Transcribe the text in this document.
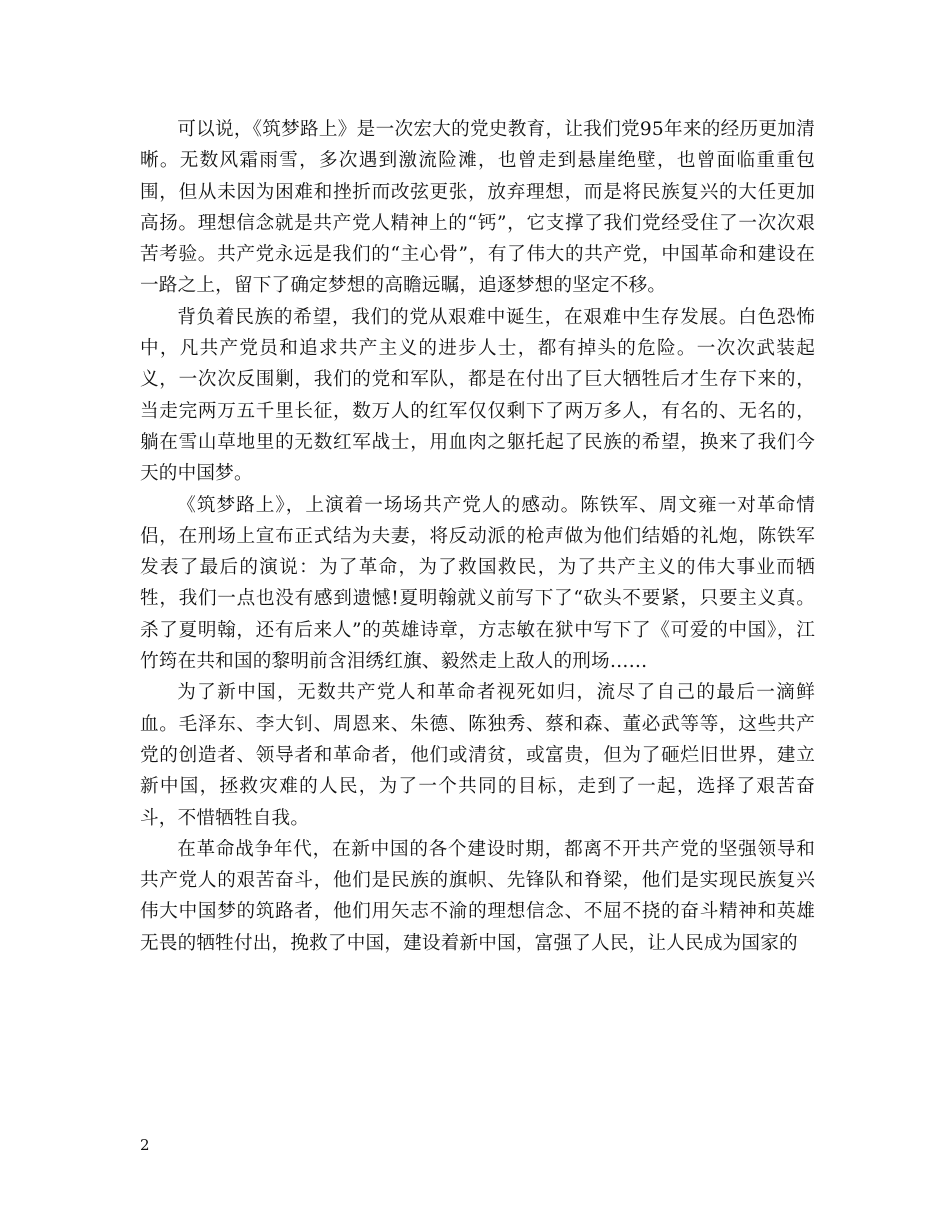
可以说，《筑梦路上》是一次宏大的党史教育，让我们党95年来的经历更加清晰。无数风霜雨雪，多次遇到激流险滩，也曾走到悬崖绝壁，也曾面临重重包围，但从未因为困难和挫折而改弦更张，放弃理想，而是将民族复兴的大任更加高扬。理想信念就是共产党人精神上的“钙”，它支撑了我们党经受住了一次次艰苦考验。共产党永远是我们的“主心骨”，有了伟大的共产党，中国革命和建设在一路之上，留下了确定梦想的高瞻远瞩，追逐梦想的坚定不移。

背负着民族的希望，我们的党从艰难中诞生，在艰难中生存发展。白色恐怖中，凡共产党员和追求共产主义的进步人士，都有掉头的危险。一次次武装起义，一次次反围剿，我们的党和军队，都是在付出了巨大牺牲后才生存下来的，当走完两万五千里长征，数万人的红军仅仅剩下了两万多人，有名的、无名的，躺在雪山草地里的无数红军战士，用血肉之躯托起了民族的希望，换来了我们今天的中国梦。

《筑梦路上》，上演着一场场共产党人的感动。陈铁军、周文雍一对革命情侣，在刑场上宣布正式结为夫妻，将反动派的枪声做为他们结婚的礼炮，陈铁军发表了最后的演说：为了革命，为了救国救民，为了共产主义的伟大事业而牺牲，我们一点也没有感到遗憾!夏明翰就义前写下了“砍头不要紧，只要主义真。杀了夏明翰，还有后来人”的英雄诗章，方志敏在狱中写下了《可爱的中国》，江竹筠在共和国的黎明前含泪绣红旗、毅然走上敌人的刑场……

为了新中国，无数共产党人和革命者视死如归，流尽了自己的最后一滴鲜血。毛泽东、李大钊、周恩来、朱德、陈独秀、蔡和森、董必武等等，这些共产党的创造者、领导者和革命者，他们或清贫，或富贵，但为了砸烂旧世界，建立新中国，拯救灾难的人民，为了一个共同的目标，走到了一起，选择了艰苦奋斗，不惜牺牲自我。

在革命战争年代，在新中国的各个建设时期，都离不开共产党的坚强领导和共产党人的艰苦奋斗，他们是民族的旗帜、先锋队和脊梁，他们是实现民族复兴伟大中国梦的筑路者，他们用矢志不渝的理想信念、不屈不挠的奋斗精神和英雄无畏的牺牲付出，挽救了中国，建设着新中国，富强了人民，让人民成为国家的

2
